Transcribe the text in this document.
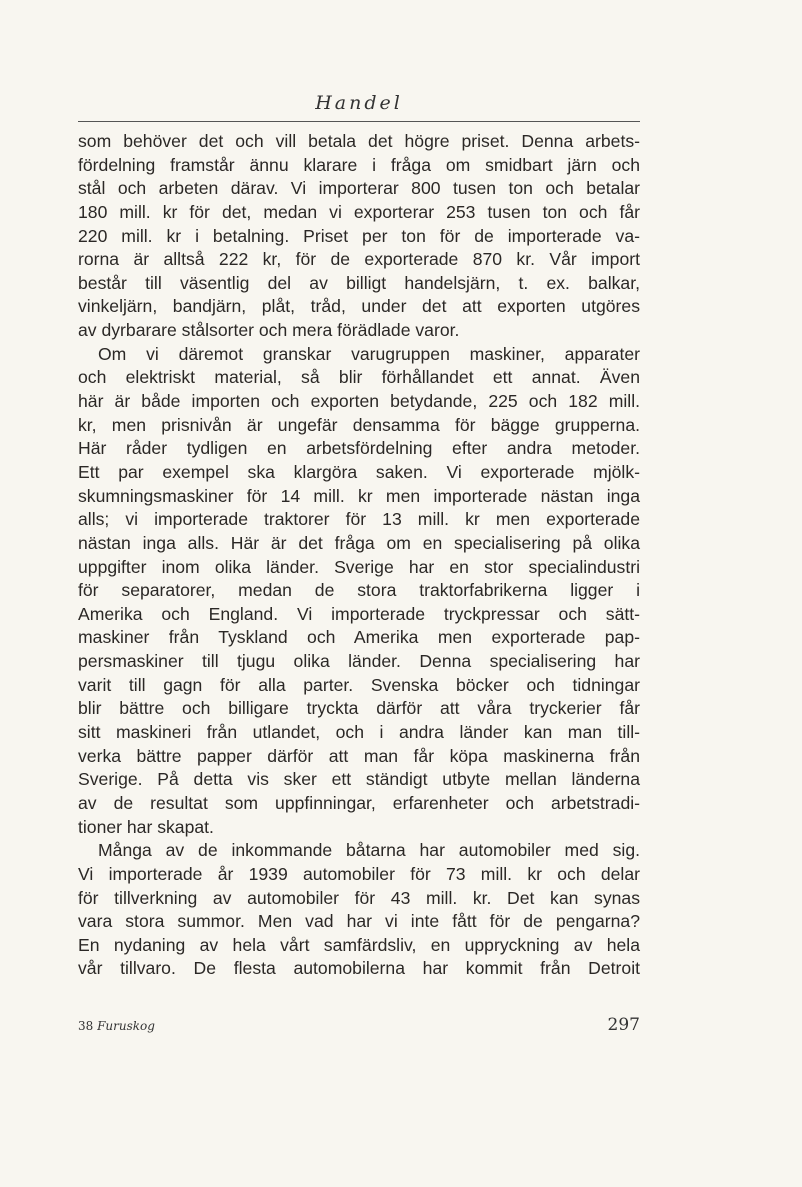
Handel
som behöver det och vill betala det högre priset. Denna arbets-
fördelning framstår ännu klarare i fråga om smidbart järn och
stål och arbeten därav. Vi importerar 800 tusen ton och betalar
180 mill. kr för det, medan vi exporterar 253 tusen ton och får
220 mill. kr i betalning. Priset per ton för de importerade va-
rorna är alltså 222 kr, för de exporterade 870 kr. Vår import
består till väsentlig del av billigt handelsjärn, t. ex. balkar,
vinkeljärn, bandjärn, plåt, tråd, under det att exporten utgöres
av dyrbarare stålsorter och mera förädlade varor.
Om vi däremot granskar varugruppen maskiner, apparater
och elektriskt material, så blir förhållandet ett annat. Även
här är både importen och exporten betydande, 225 och 182 mill.
kr, men prisnivån är ungefär densamma för bägge grupperna.
Här råder tydligen en arbetsfördelning efter andra metoder.
Ett par exempel ska klargöra saken. Vi exporterade mjölk-
skumningsmaskiner för 14 mill. kr men importerade nästan inga
alls; vi importerade traktorer för 13 mill. kr men exporterade
nästan inga alls. Här är det fråga om en specialisering på olika
uppgifter inom olika länder. Sverige har en stor specialindustri
för separatorer, medan de stora traktorfabrikerna ligger i
Amerika och England. Vi importerade tryckpressar och sätt-
maskiner från Tyskland och Amerika men exporterade pap-
persmaskiner till tjugu olika länder. Denna specialisering har
varit till gagn för alla parter. Svenska böcker och tidningar
blir bättre och billigare tryckta därför att våra tryckerier får
sitt maskineri från utlandet, och i andra länder kan man till-
verka bättre papper därför att man får köpa maskinerna från
Sverige. På detta vis sker ett ständigt utbyte mellan länderna
av de resultat som uppfinningar, erfarenheter och arbetstradi-
tioner har skapat.
Många av de inkommande båtarna har automobiler med sig.
Vi importerade år 1939 automobiler för 73 mill. kr och delar
för tillverkning av automobiler för 43 mill. kr. Det kan synas
vara stora summor. Men vad har vi inte fått för de pengarna?
En nydaning av hela vårt samfärdsliv, en uppryckning av hela
vår tillvaro. De flesta automobilerna har kommit från Detroit
38 Furuskog	297
